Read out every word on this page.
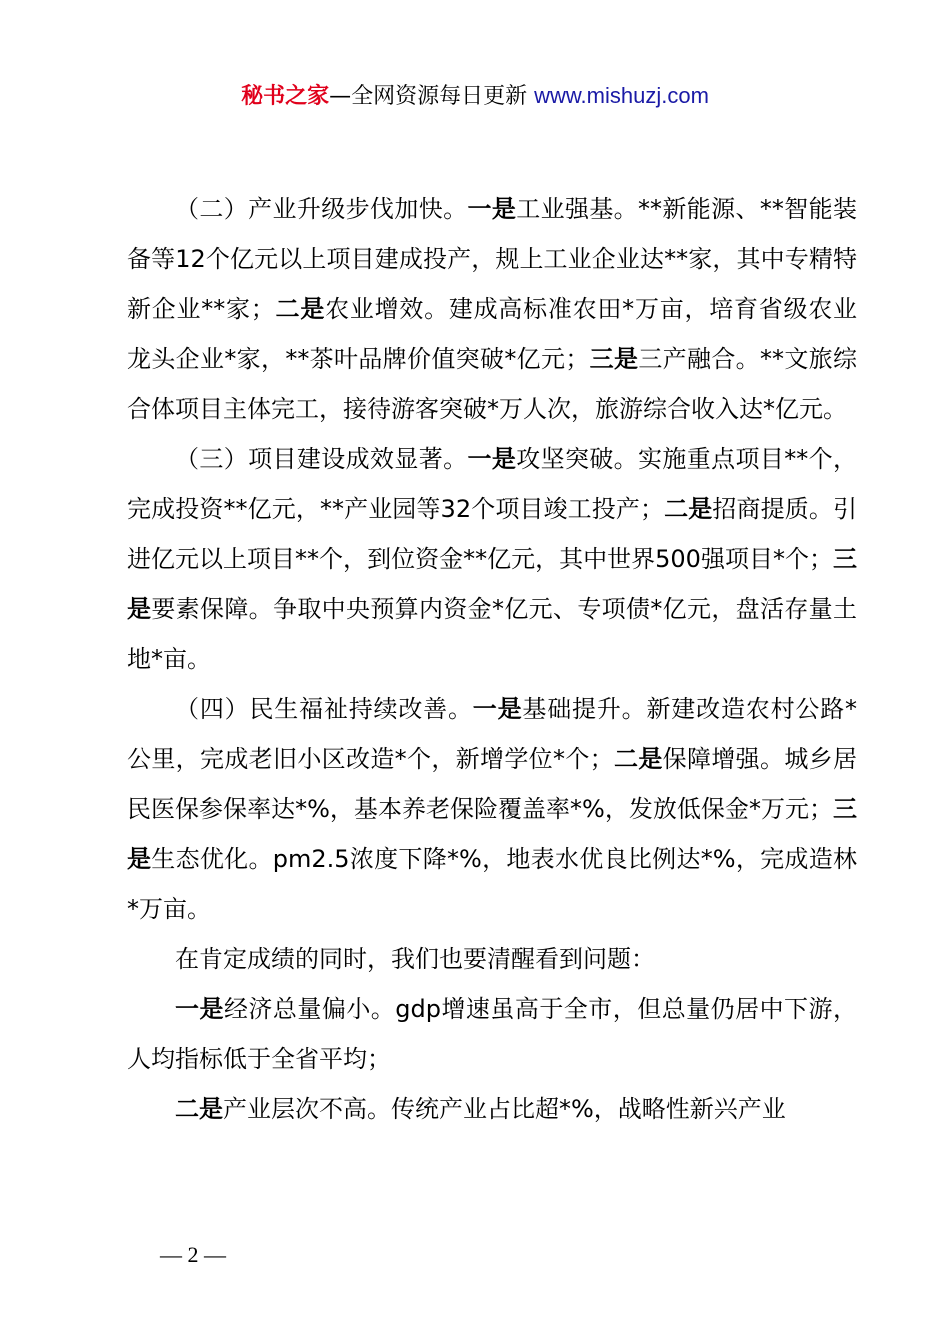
秘书之家—全网资源每日更新 www.mishuzj.com

（二）产业升级步伐加快。一是工业强基。**新能源、**智能装备等12个亿元以上项目建成投产，规上工业企业达**家，其中专精特新企业**家；二是农业增效。建成高标准农田*万亩，培育省级农业龙头企业*家，**茶叶品牌价值突破*亿元；三是三产融合。**文旅综合体项目主体完工，接待游客突破*万人次，旅游综合收入达*亿元。

（三）项目建设成效显著。一是攻坚突破。实施重点项目**个，完成投资**亿元，**产业园等32个项目竣工投产；二是招商提质。引进亿元以上项目**个，到位资金**亿元，其中世界500强项目*个；三是要素保障。争取中央预算内资金*亿元、专项债*亿元，盘活存量土地*亩。

（四）民生福祉持续改善。一是基础提升。新建改造农村公路*公里，完成老旧小区改造*个，新增学位*个；二是保障增强。城乡居民医保参保率达*%，基本养老保险覆盖率*%，发放低保金*万元；三是生态优化。pm2.5浓度下降*%，地表水优良比例达*%，完成造林*万亩。

在肯定成绩的同时，我们也要清醒看到问题：

一是经济总量偏小。gdp增速虽高于全市，但总量仍居中下游，人均指标低于全省平均；

二是产业层次不高。传统产业占比超*%，战略性新兴产业

— 2 —
